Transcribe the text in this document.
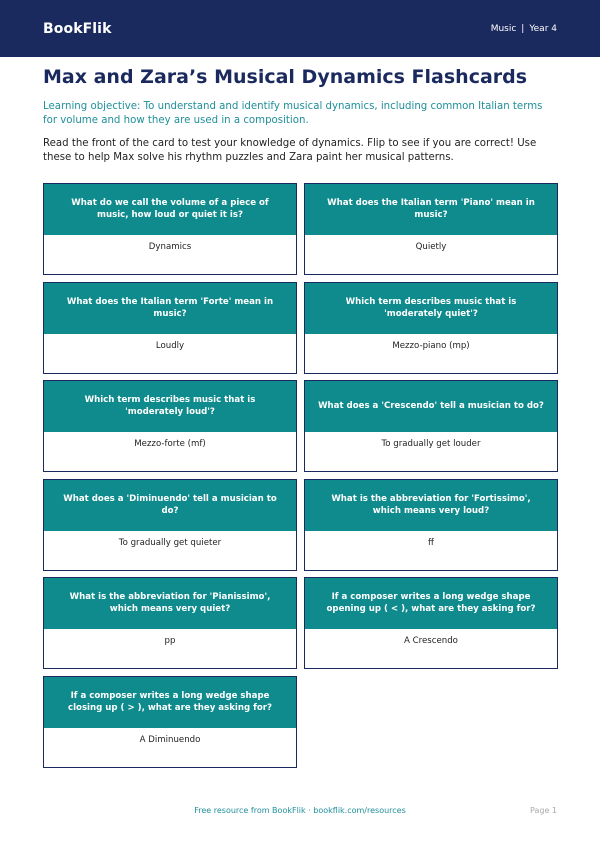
BookFlik	Music | Year 4
Max and Zara’s Musical Dynamics Flashcards

Learning objective: To understand and identify musical dynamics, including common Italian terms for volume and how they are used in a composition.

Read the front of the card to test your knowledge of dynamics. Flip to see if you are correct! Use these to help Max solve his rhythm puzzles and Zara paint her musical patterns.

What do we call the volume of a piece of music, how loud or quiet it is?
Dynamics
What does the Italian term 'Piano' mean in music?
Quietly
What does the Italian term 'Forte' mean in music?
Loudly
Which term describes music that is 'moderately quiet'?
Mezzo-piano (mp)
Which term describes music that is 'moderately loud'?
Mezzo-forte (mf)
What does a 'Crescendo' tell a musician to do?
To gradually get louder
What does a 'Diminuendo' tell a musician to do?
To gradually get quieter
What is the abbreviation for 'Fortissimo', which means very loud?
ff
What is the abbreviation for 'Pianissimo', which means very quiet?
pp
If a composer writes a long wedge shape opening up ( < ), what are they asking for?
A Crescendo
If a composer writes a long wedge shape closing up ( > ), what are they asking for?
A Diminuendo
Free resource from BookFlik · bookflik.com/resources	Page 1
